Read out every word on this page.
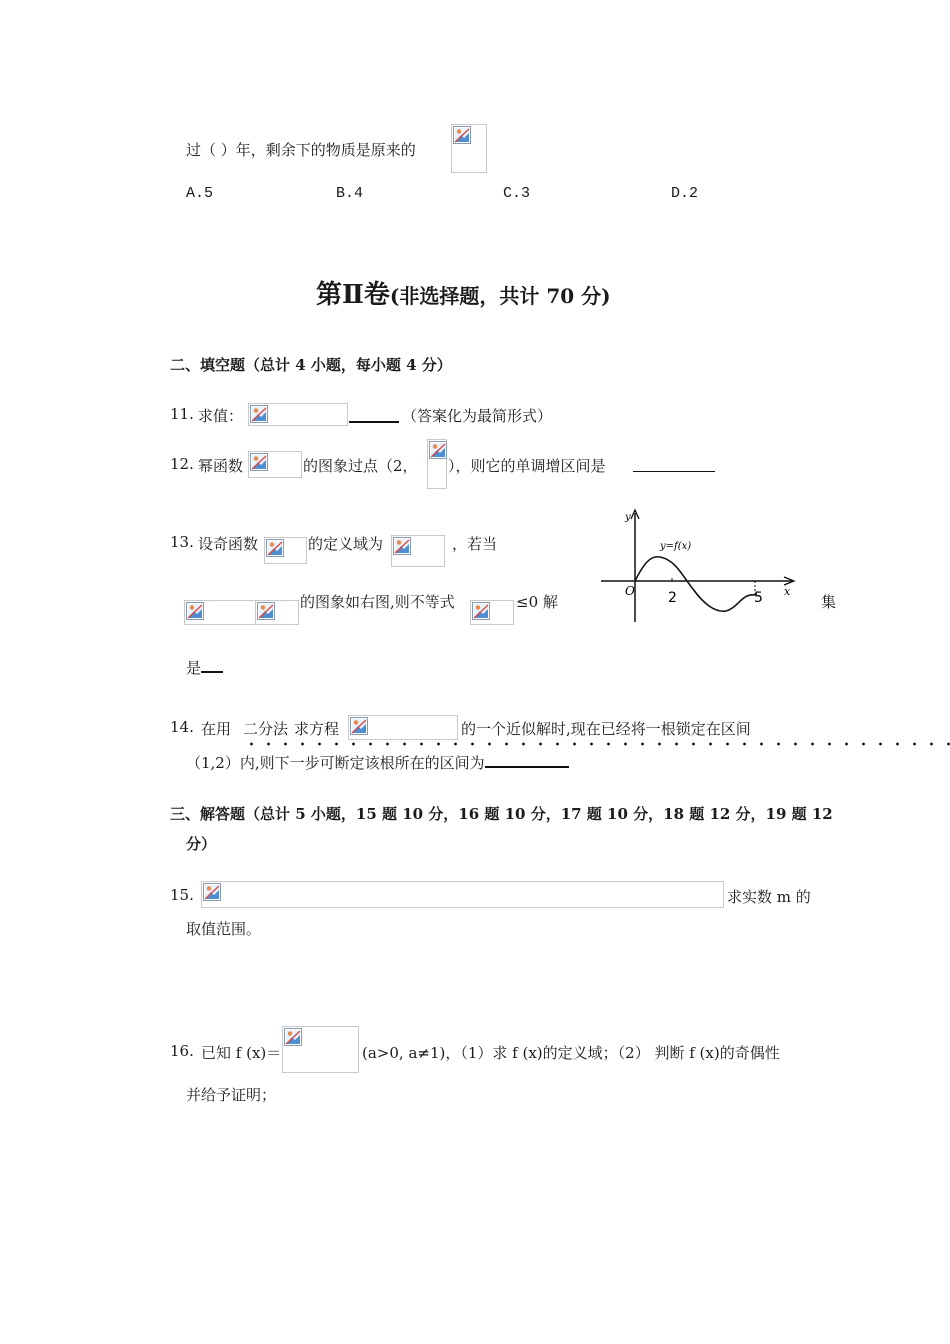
过（ ）年，剩余下的物质是原来的
A.5	B.4	C.3	D.2
第Ⅱ卷(非选择题，共计 70 分)
二、填空题（总计 4 小题，每小题 4 分）
11. 求值：	（答案化为最简形式）
12. 幂函数	的图象过点（2， ），则它的单调增区间是
13. 设奇函数	的定义域为	，若当
的图象如右图,则不等式	≤0 解	集
是
y
x
O
y=f(x)
2	5
14. 在用 二分法 求方程	的一个近似解时,现在已经将一根锁定在区间
（1,2）内,则下一步可断定该根所在的区间为
三、解答题（总计 5 小题，15 题 10 分，16 题 10 分，17 题 10 分，18 题 12 分，19 题 12
分）
15.	求实数 m 的
取值范围。
16. 已知 f (x)＝	(a>0, a≠1)，（1）求 f (x)的定义域；（2） 判断 f (x)的奇偶性
并给予证明；
